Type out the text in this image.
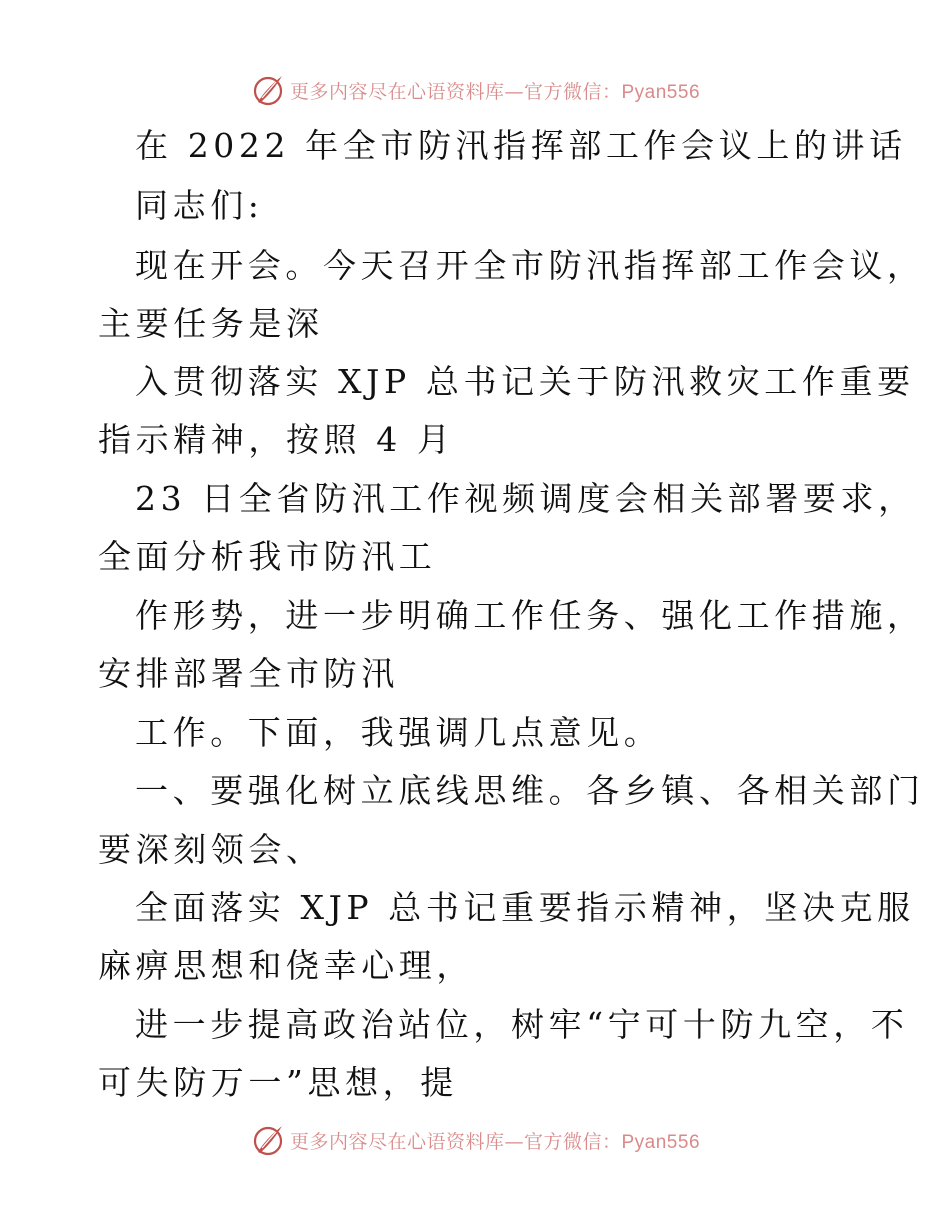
更多内容尽在心语资料库—官方微信：Pyan556
在 2022 年全市防汛指挥部工作会议上的讲话
同志们:
现在开会。今天召开全市防汛指挥部工作会议，
主要任务是深
入贯彻落实 XJP 总书记关于防汛救灾工作重要
指示精神，按照 4 月
23 日全省防汛工作视频调度会相关部署要求，
全面分析我市防汛工
作形势，进一步明确工作任务、强化工作措施，
安排部署全市防汛
工作。下面，我强调几点意见。
一、要强化树立底线思维。各乡镇、各相关部门
要深刻领会、
全面落实 XJP 总书记重要指示精神，坚决克服
麻痹思想和侥幸心理，
进一步提高政治站位，树牢“宁可十防九空，不
可失防万一”思想，提
更多内容尽在心语资料库—官方微信：Pyan556
